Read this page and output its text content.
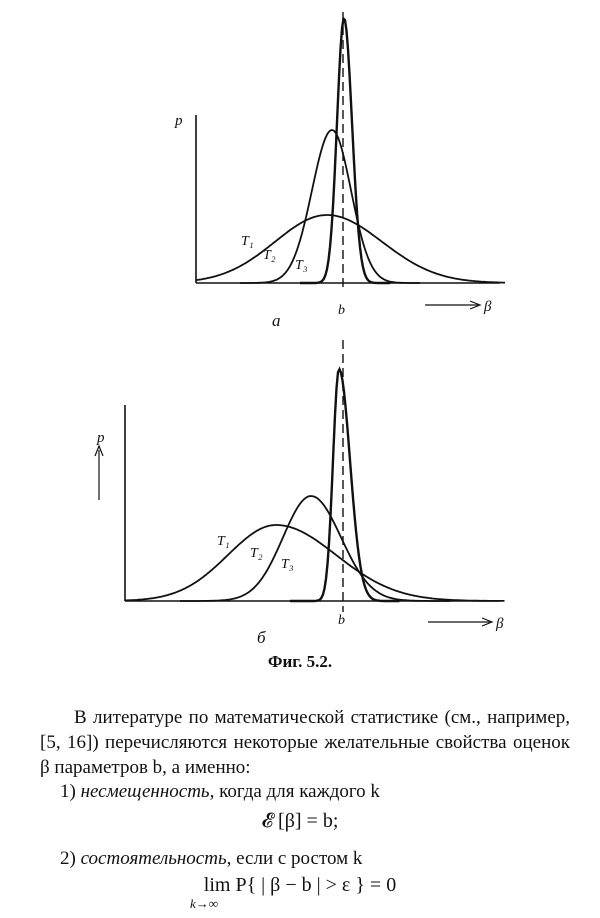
p
T₁
T₂
T₃
b	β
а
p
T₁
T₂
T₃
b	β
б
Фиг. 5.2.
В литературе по математической статистике (см., например, [5, 16]) перечисляются некоторые желательные свойства оценок β параметров b, а именно:
1) несмещенность, когда для каждого k
𝓔 [β] = b;
2) состоятельность, если с ростом k
lim P{ | β − b | > ε } = 0
k→∞
